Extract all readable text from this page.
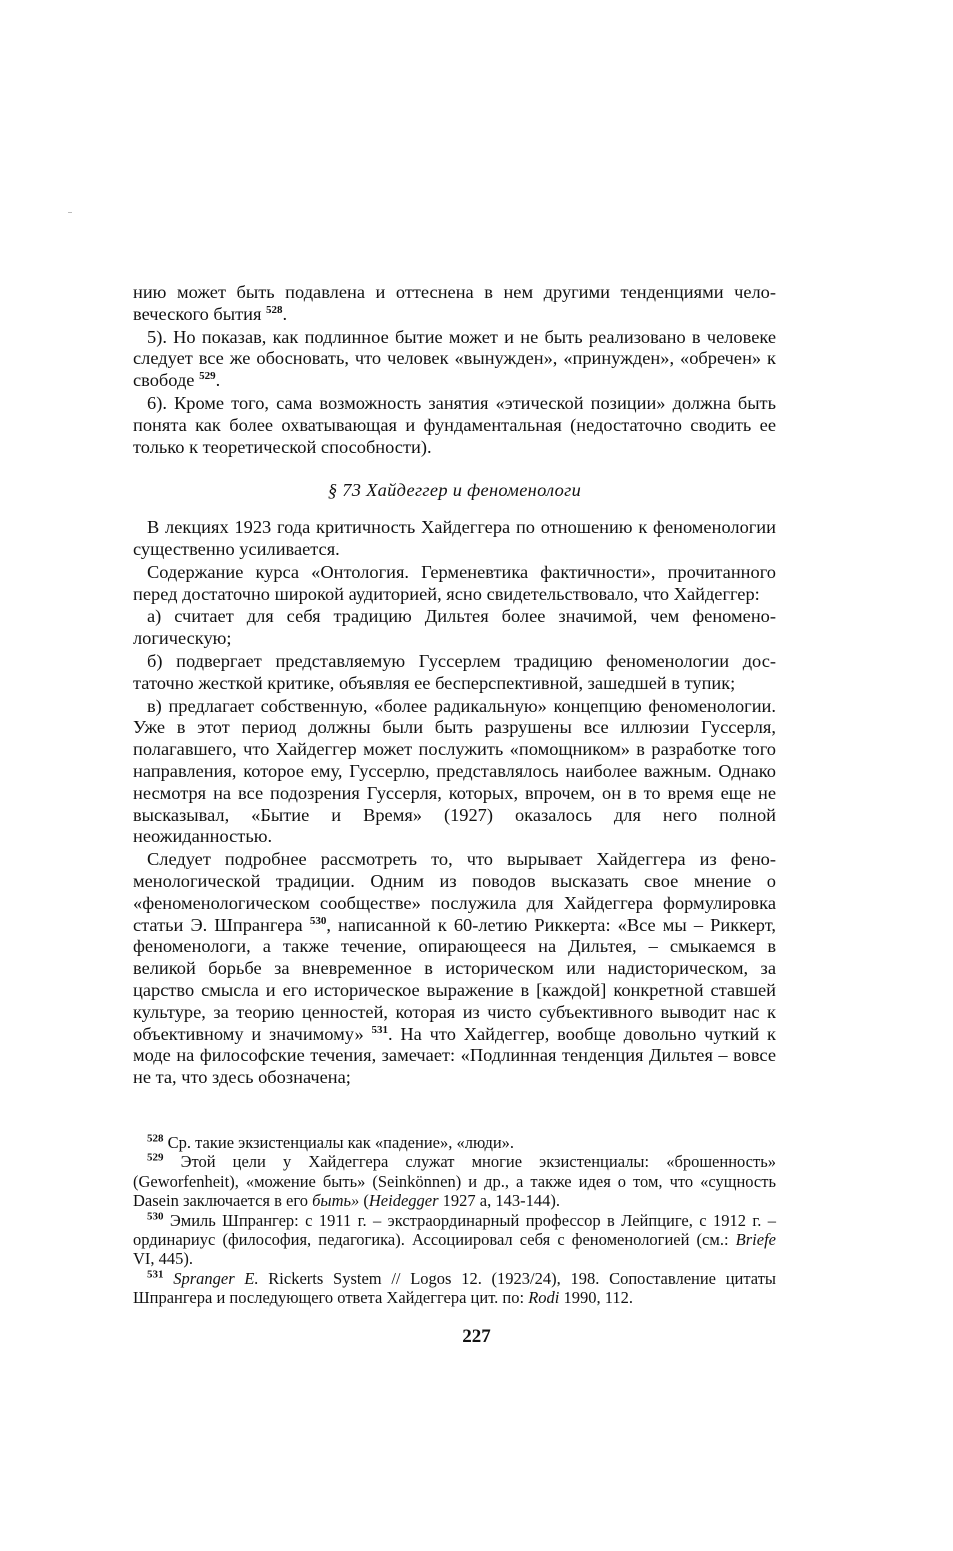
нию может быть подавлена и оттеснена в нем другими тенденциями человеческого бытия $^{528}$.

5). Но показав, как подлинное бытие может и не быть реализовано в человеке следует все же обосновать, что человек «вынужден», «принужден», «обречен» к свободе $^{529}$.

6). Кроме того, сама возможность занятия «этической позиции» должна быть понята как более охватывающая и фундаментальная (недостаточно сводить ее только к теоретической способности).

§ 73 Хайдеггер и феноменологи

В лекциях 1923 года критичность Хайдеггера по отношению к феноменологии существенно усиливается.

Содержание курса «Онтология. Герменевтика фактичности», прочитанного перед достаточно широкой аудиторией, ясно свидетельствовало, что Хайдеггер:

а) считает для себя традицию Дильтея более значимой, чем феноменологическую;

б) подвергает представляемую Гуссерлем традицию феноменологии достаточно жесткой критике, объявляя ее бесперспективной, зашедшей в тупик;

в) предлагает собственную, «более радикальную» концепцию феноменологии. Уже в этот период должны были быть разрушены все иллюзии Гуссерля, полагавшего, что Хайдеггер может послужить «помощником» в разработке того направления, которое ему, Гуссерлю, представлялось наиболее важным. Однако несмотря на все подозрения Гуссерля, которых, впрочем, он в то время еще не высказывал, «Бытие и Время» (1927) оказалось для него полной неожиданностью.

Следует подробнее рассмотреть то, что вырывает Хайдеггера из феноменологической традиции. Одним из поводов высказать свое мнение о «феноменологическом сообществе» послужила для Хайдеггера формулировка статьи Э. Шпрангера $^{530}$, написанной к 60-летию Риккерта: «Все мы – Риккерт, феноменологи, а также течение, опирающееся на Дильтея, – смыкаемся в великой борьбе за вневременное в историческом или надисторическом, за царство смысла и его историческое выражение в [каждой] конкретной ставшей культуре, за теорию ценностей, которая из чисто субъективного выводит нас к объективному и значимому» $^{531}$. На что Хайдеггер, вообще довольно чуткий к моде на философские течения, замечает: «Подлинная тенденция Дильтея – вовсе не та, что здесь обозначена;

$^{528}$ Ср. такие экзистенциалы как «падение», «люди».

$^{529}$ Этой цели у Хайдеггера служат многие экзистенциалы: «брошенность» (Geworfenheit), «можение быть» (Seinkönnen) и др., а также идея о том, что «сущность Dasein заключается в его быть» (Heidegger 1927 a, 143-144).

$^{530}$ Эмиль Шпрангер: с 1911 г. – экстраординарный профессор в Лейпциге, с 1912 г. – ординариус (философия, педагогика). Ассоциировал себя с феноменологией (см.: Briefe VI, 445).

$^{531}$ Spranger E. Rickerts System // Logos 12. (1923/24), 198. Сопоставление цитаты Шпрангера и последующего ответа Хайдеггера цит. по: Rodi 1990, 112.

227
